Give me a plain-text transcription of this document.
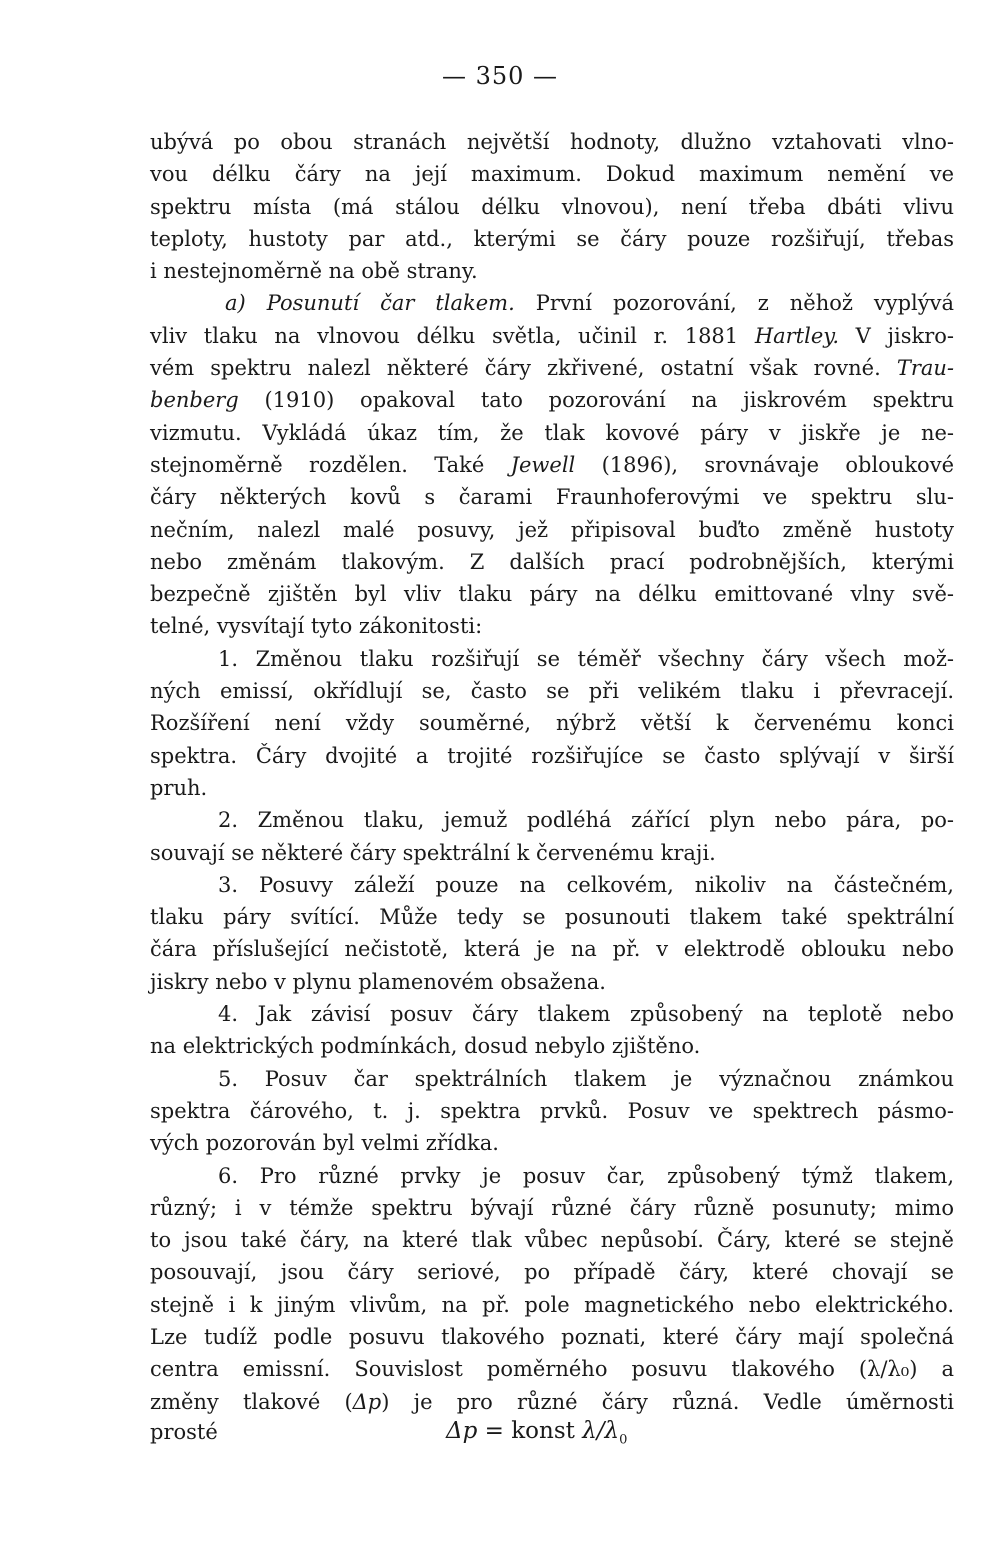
— 350 —
ubývá po obou stranách největší hodnoty, dlužno vztahovati vlno-
vou délku čáry na její maximum. Dokud maximum nemění ve
spektru místa (má stálou délku vlnovou), není třeba dbáti vlivu
teploty, hustoty par atd., kterými se čáry pouze rozšiřují, třebas
i nestejnoměrně na obě strany.
a) Posunutí čar tlakem. První pozorování, z něhož vyplývá
vliv tlaku na vlnovou délku světla, učinil r. 1881 Hartley. V jiskro-
vém spektru nalezl některé čáry zkřivené, ostatní však rovné. Trau-
benberg (1910) opakoval tato pozorování na jiskrovém spektru
vizmutu. Vykládá úkaz tím, že tlak kovové páry v jiskře je ne-
stejnoměrně rozdělen. Také Jewell (1896), srovnávaje obloukové
čáry některých kovů s čarami Fraunhoferovými ve spektru slu-
nečním, nalezl malé posuvy, jež připisoval buďto změně hustoty
nebo změnám tlakovým. Z dalších prací podrobnějších, kterými
bezpečně zjištěn byl vliv tlaku páry na délku emittované vlny svě-
telné, vysvítají tyto zákonitosti:
1. Změnou tlaku rozšiřují se téměř všechny čáry všech mož-
ných emissí, okřídlují se, často se při velikém tlaku i převracejí.
Rozšíření není vždy souměrné, nýbrž větší k červenému konci
spektra. Čáry dvojité a trojité rozšiřujíce se často splývají v širší
pruh.
2. Změnou tlaku, jemuž podléhá zářící plyn nebo pára, po-
souvají se některé čáry spektrální k červenému kraji.
3. Posuvy záleží pouze na celkovém, nikoliv na částečném,
tlaku páry svítící. Může tedy se posunouti tlakem také spektrální
čára příslušející nečistotě, která je na př. v elektrodě oblouku nebo
jiskry nebo v plynu plamenovém obsažena.
4. Jak závisí posuv čáry tlakem způsobený na teplotě nebo
na elektrických podmínkách, dosud nebylo zjištěno.
5. Posuv čar spektrálních tlakem je význačnou známkou
spektra čárového, t. j. spektra prvků. Posuv ve spektrech pásmo-
vých pozorován byl velmi zřídka.
6. Pro různé prvky je posuv čar, způsobený týmž tlakem,
různý; i v témže spektru bývají různé čáry různě posunuty; mimo
to jsou také čáry, na které tlak vůbec nepůsobí. Čáry, které se stejně
posouvají, jsou čáry seriové, po případě čáry, které chovají se
stejně i k jiným vlivům, na př. pole magnetického nebo elektrického.
Lze tudíž podle posuvu tlakového poznati, které čáry mají společná
centra emissní. Souvislost poměrného posuvu tlakového (λ/λ₀) a
změny tlakové (Δp) je pro různé čáry různá. Vedle úměrnosti
prosté	Δp = konst $\lambda/\lambda_0$
